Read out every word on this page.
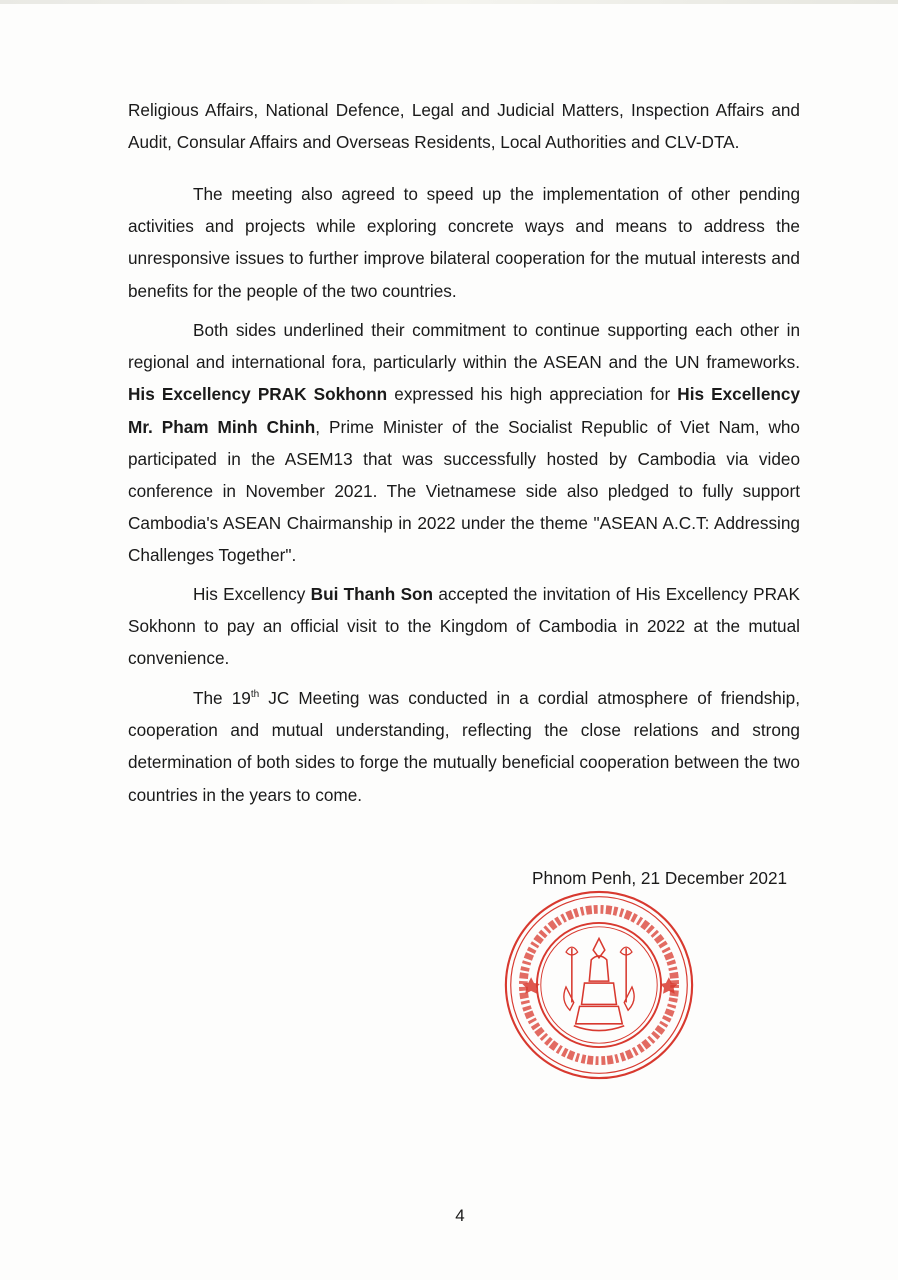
Religious Affairs, National Defence, Legal and Judicial Matters, Inspection Affairs and Audit, Consular Affairs and Overseas Residents, Local Authorities and CLV-DTA.

The meeting also agreed to speed up the implementation of other pending activities and projects while exploring concrete ways and means to address the unresponsive issues to further improve bilateral cooperation for the mutual interests and benefits for the people of the two countries.

Both sides underlined their commitment to continue supporting each other in regional and international fora, particularly within the ASEAN and the UN frameworks. His Excellency PRAK Sokhonn expressed his high appreciation for His Excellency Mr. Pham Minh Chinh, Prime Minister of the Socialist Republic of Viet Nam, who participated in the ASEM13 that was successfully hosted by Cambodia via video conference in November 2021. The Vietnamese side also pledged to fully support Cambodia's ASEAN Chairmanship in 2022 under the theme "ASEAN A.C.T: Addressing Challenges Together".

His Excellency Bui Thanh Son accepted the invitation of His Excellency PRAK Sokhonn to pay an official visit to the Kingdom of Cambodia in 2022 at the mutual convenience.

The 19th JC Meeting was conducted in a cordial atmosphere of friendship, cooperation and mutual understanding, reflecting the close relations and strong determination of both sides to forge the mutually beneficial cooperation between the two countries in the years to come.

Phnom Penh, 21 December 2021
4
